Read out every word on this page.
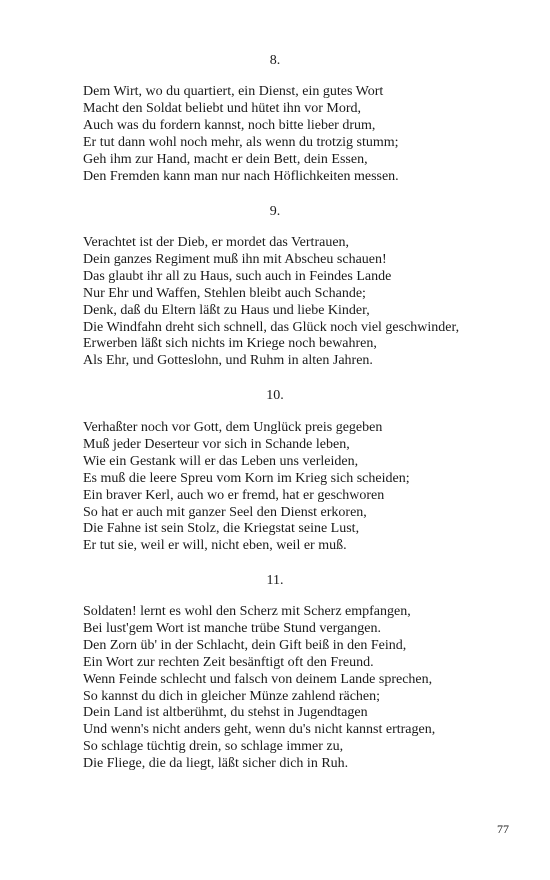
8.
Dem Wirt, wo du quartiert, ein Dienst, ein gutes Wort
Macht den Soldat beliebt und hütet ihn vor Mord,
Auch was du fordern kannst, noch bitte lieber drum,
Er tut dann wohl noch mehr, als wenn du trotzig stumm;
Geh ihm zur Hand, macht er dein Bett, dein Essen,
Den Fremden kann man nur nach Höflichkeiten messen.
9.
Verachtet ist der Dieb, er mordet das Vertrauen,
Dein ganzes Regiment muß ihn mit Abscheu schauen!
Das glaubt ihr all zu Haus, such auch in Feindes Lande
Nur Ehr und Waffen, Stehlen bleibt auch Schande;
Denk, daß du Eltern läßt zu Haus und liebe Kinder,
Die Windfahn dreht sich schnell, das Glück noch viel geschwinder,
Erwerben läßt sich nichts im Kriege noch bewahren,
Als Ehr, und Gotteslohn, und Ruhm in alten Jahren.
10.
Verhaßter noch vor Gott, dem Unglück preis gegeben
Muß jeder Deserteur vor sich in Schande leben,
Wie ein Gestank will er das Leben uns verleiden,
Es muß die leere Spreu vom Korn im Krieg sich scheiden;
Ein braver Kerl, auch wo er fremd, hat er geschworen
So hat er auch mit ganzer Seel den Dienst erkoren,
Die Fahne ist sein Stolz, die Kriegstat seine Lust,
Er tut sie, weil er will, nicht eben, weil er muß.
11.
Soldaten! lernt es wohl den Scherz mit Scherz empfangen,
Bei lust'gem Wort ist manche trübe Stund vergangen.
Den Zorn üb' in der Schlacht, dein Gift beiß in den Feind,
Ein Wort zur rechten Zeit besänftigt oft den Freund.
Wenn Feinde schlecht und falsch von deinem Lande sprechen,
So kannst du dich in gleicher Münze zahlend rächen;
Dein Land ist altberühmt, du stehst in Jugendtagen
Und wenn's nicht anders geht, wenn du's nicht kannst ertragen,
So schlage tüchtig drein, so schlage immer zu,
Die Fliege, die da liegt, läßt sicher dich in Ruh.
77
